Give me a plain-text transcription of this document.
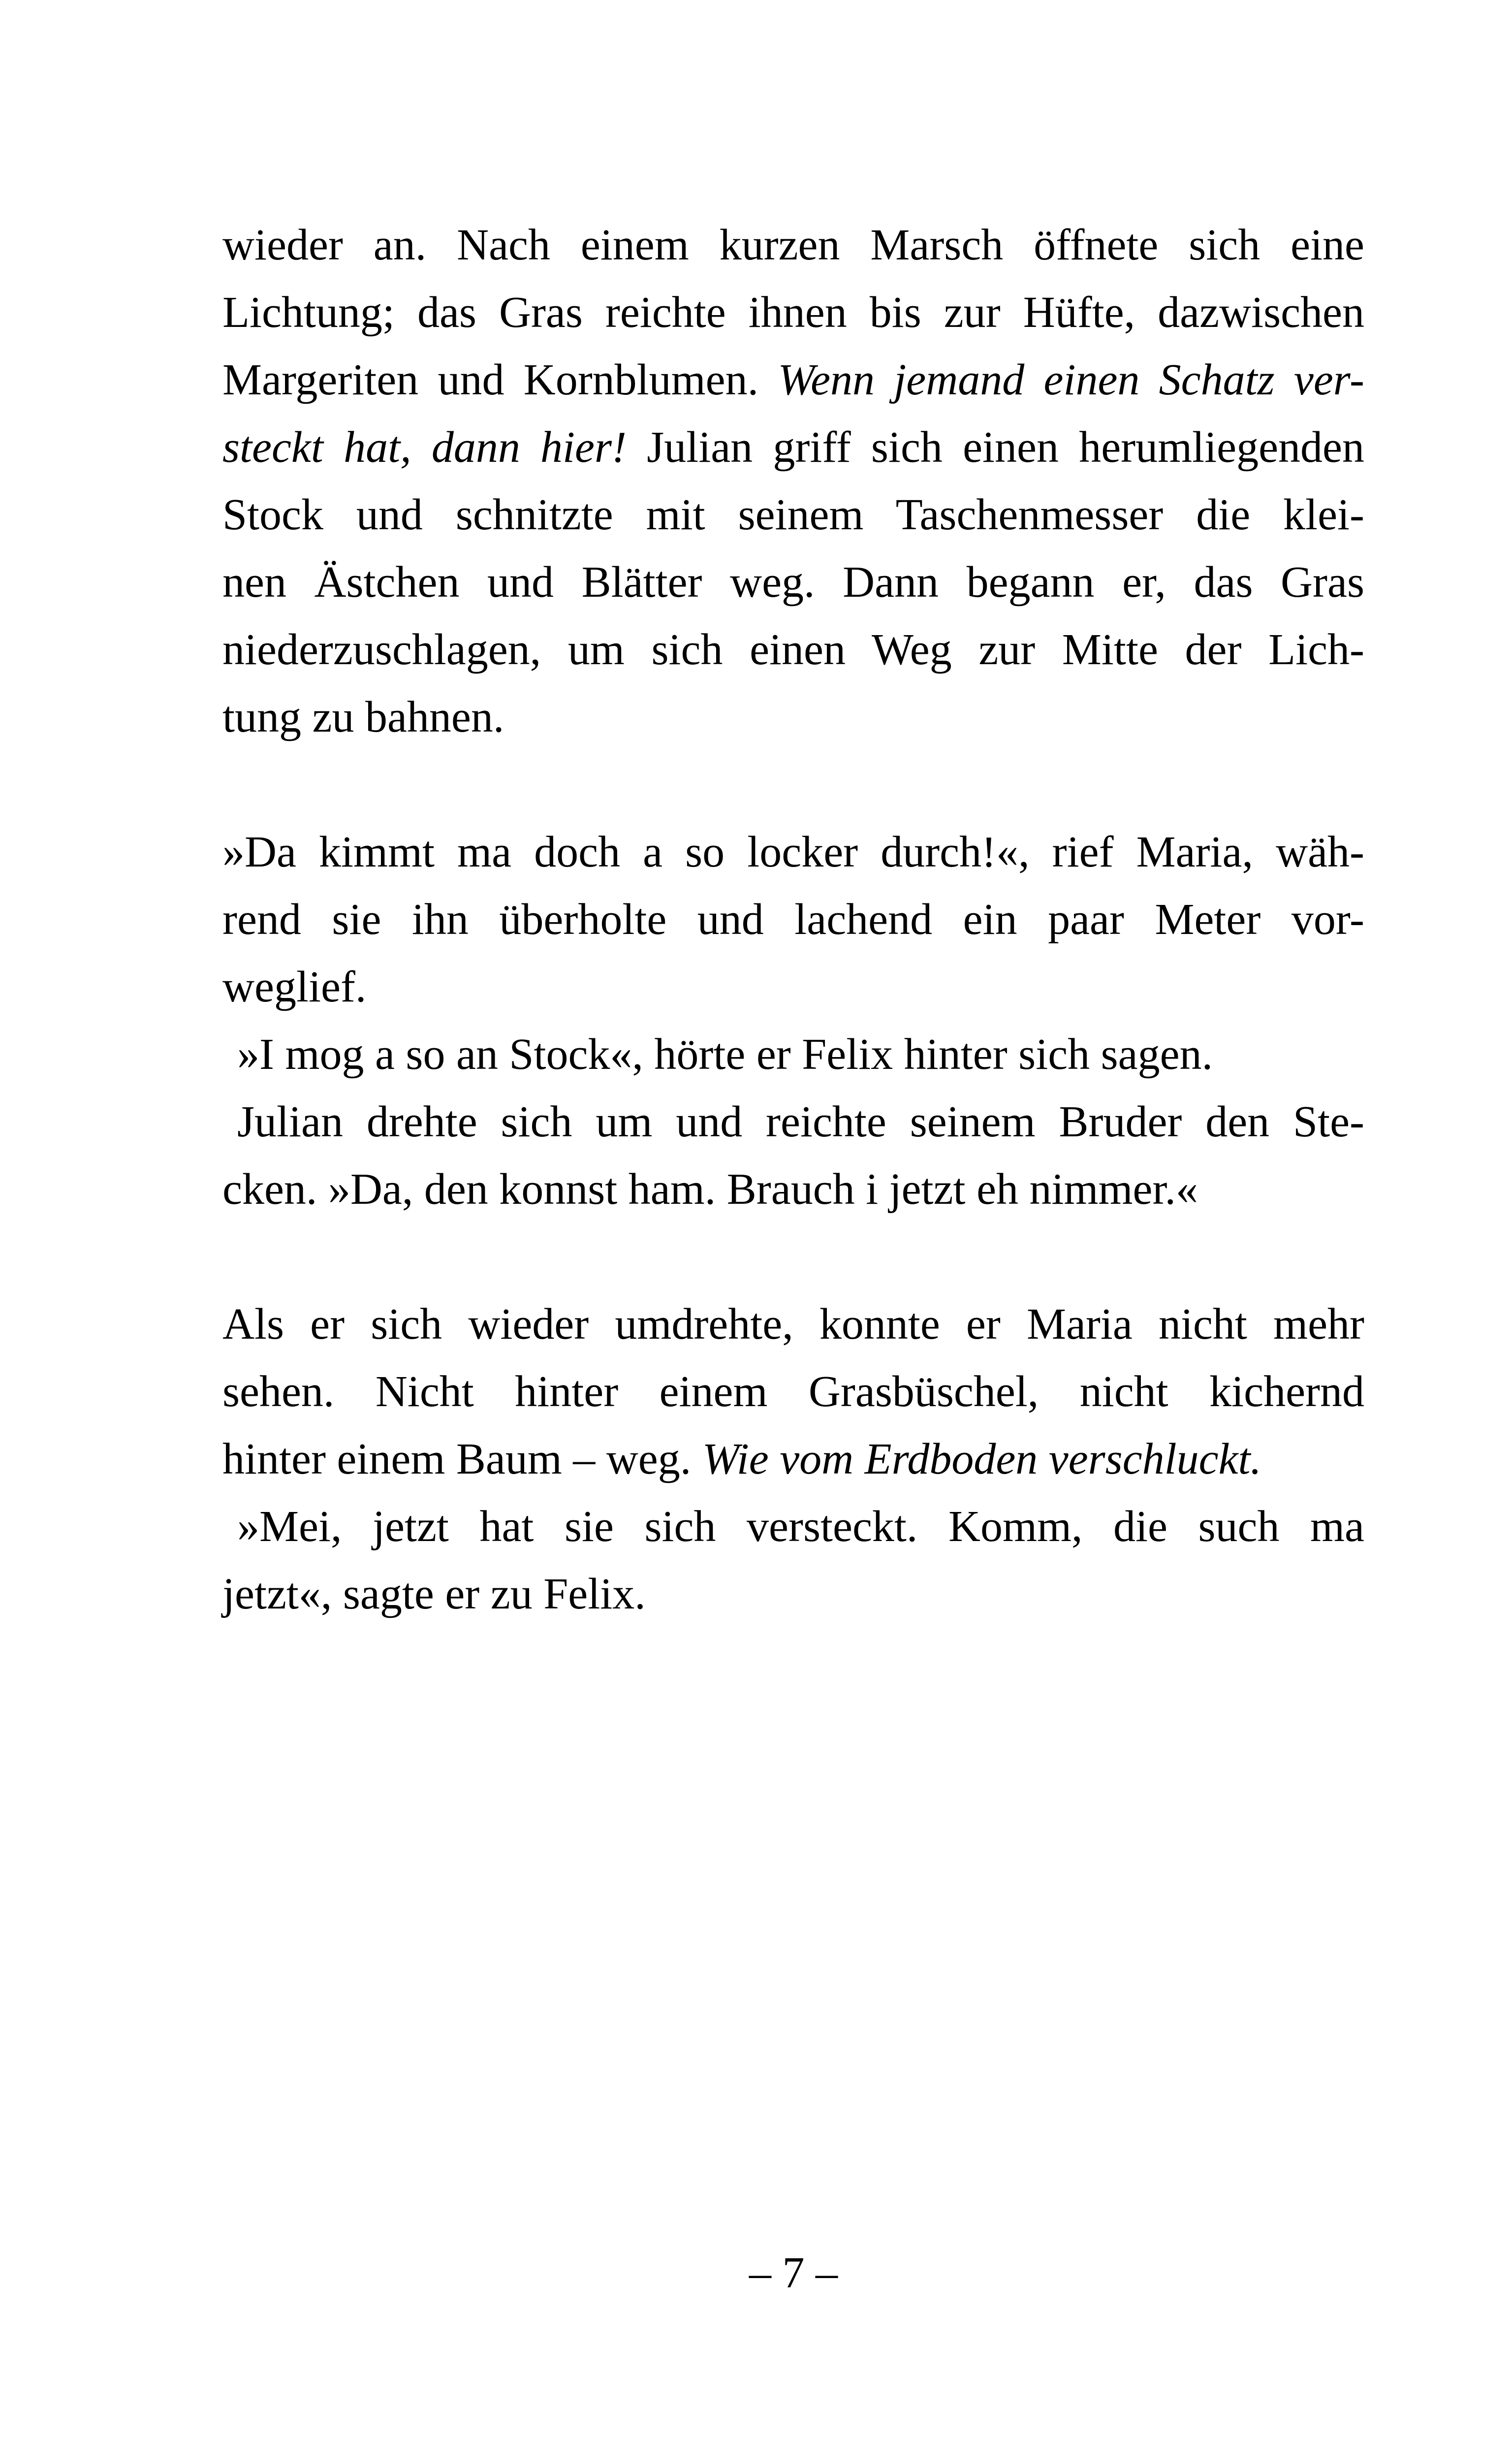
wieder an. Nach einem kurzen Marsch öffnete sich eine
Lichtung; das Gras reichte ihnen bis zur Hüfte, dazwischen
Margeriten und Kornblumen. Wenn jemand einen Schatz ver-
steckt hat, dann hier! Julian griff sich einen herumliegenden
Stock und schnitzte mit seinem Taschenmesser die klei-
nen Ästchen und Blätter weg. Dann begann er, das Gras
niederzuschlagen, um sich einen Weg zur Mitte der Lich-
tung zu bahnen.
»Da kimmt ma doch a so locker durch!«, rief Maria, wäh-
rend sie ihn überholte und lachend ein paar Meter vor-
weglief.
»I mog a so an Stock«, hörte er Felix hinter sich sagen.
Julian drehte sich um und reichte seinem Bruder den Ste-
cken. »Da, den konnst ham. Brauch i jetzt eh nimmer.«
Als er sich wieder umdrehte, konnte er Maria nicht mehr
sehen. Nicht hinter einem Grasbüschel, nicht kichernd
hinter einem Baum – weg. Wie vom Erdboden verschluckt.
»Mei, jetzt hat sie sich versteckt. Komm, die such ma
jetzt«, sagte er zu Felix.
– 7 –
